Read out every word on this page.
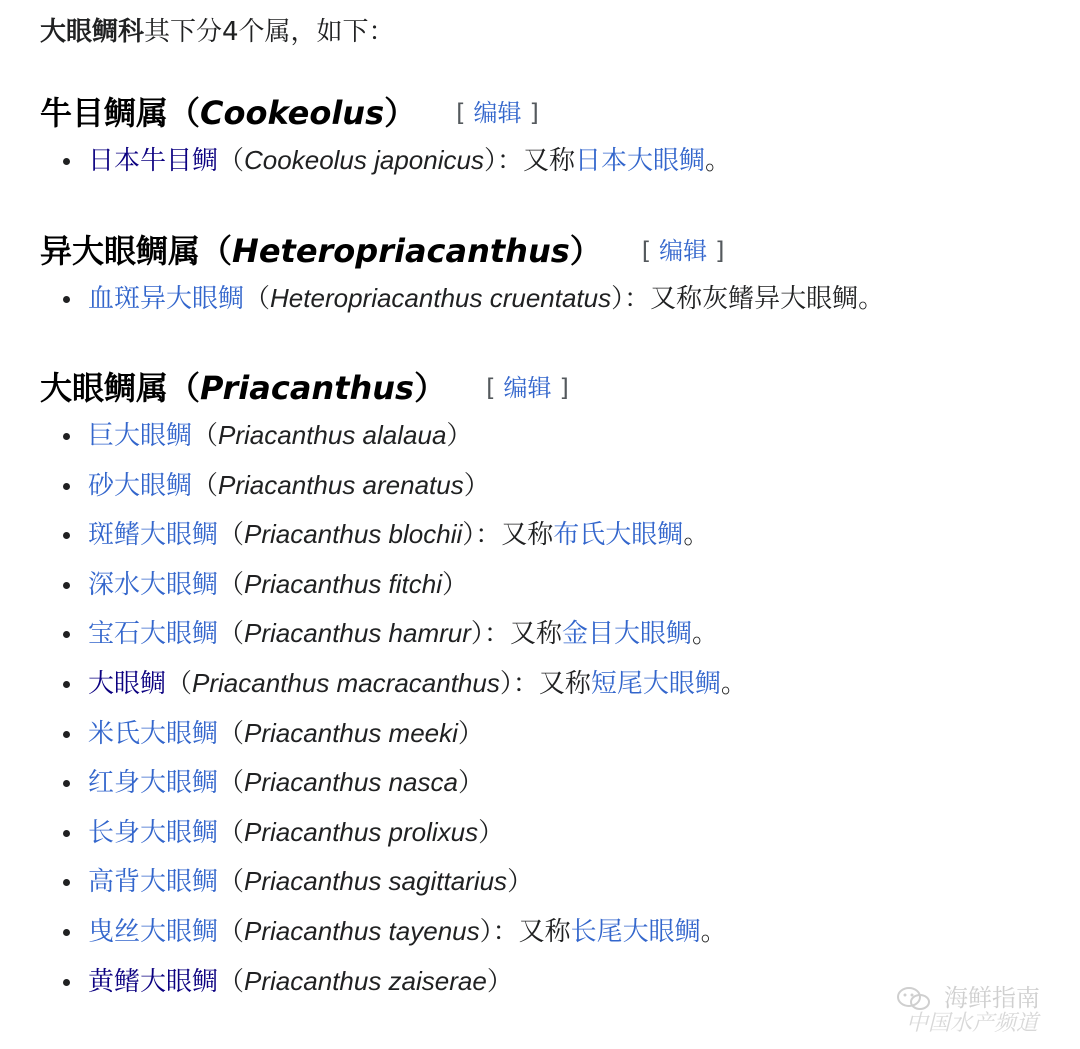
大眼鲷科其下分4个属，如下：
牛目鲷属（Cookeolus） [ 编辑 ]
日本牛目鲷（Cookeolus japonicus）：又称日本大眼鲷。
异大眼鲷属（Heteropriacanthus） [ 编辑 ]
血斑异大眼鲷（Heteropriacanthus cruentatus）：又称灰鳍异大眼鲷。
大眼鲷属（Priacanthus） [ 编辑 ]
巨大眼鲷（Priacanthus alalaua）
砂大眼鲷（Priacanthus arenatus）
斑鳍大眼鲷（Priacanthus blochii）：又称布氏大眼鲷。
深水大眼鲷（Priacanthus fitchi）
宝石大眼鲷（Priacanthus hamrur）：又称金目大眼鲷。
大眼鲷（Priacanthus macracanthus）：又称短尾大眼鲷。
米氏大眼鲷（Priacanthus meeki）
红身大眼鲷（Priacanthus nasca）
长身大眼鲷（Priacanthus prolixus）
高背大眼鲷（Priacanthus sagittarius）
曳丝大眼鲷（Priacanthus tayenus）：又称长尾大眼鲷。
黄鳍大眼鲷（Priacanthus zaiserae）
海鲜指南
中国水产频道
